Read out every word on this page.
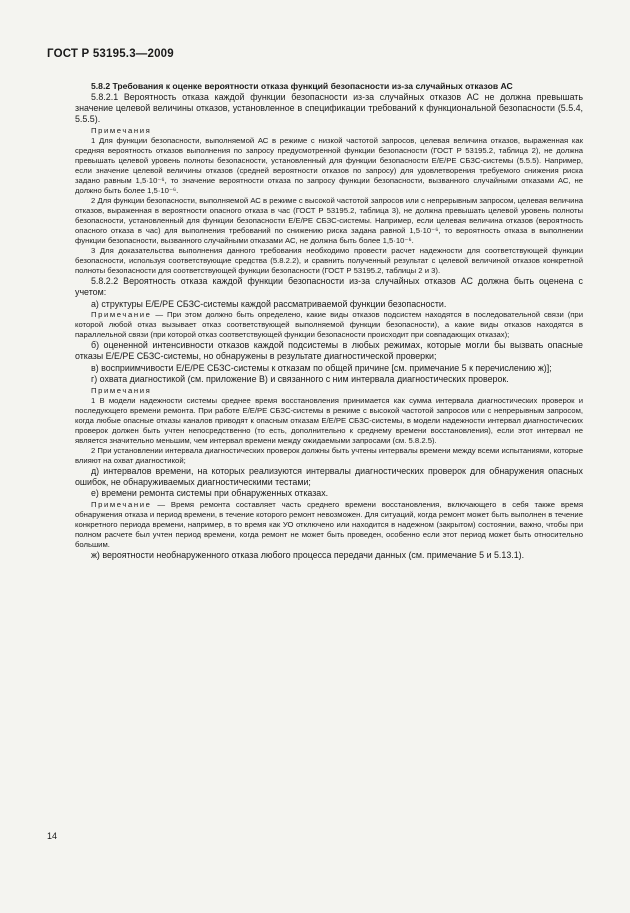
ГОСТ Р 53195.3—2009

5.8.2 Требования к оценке вероятности отказа функций безопасности из-за случайных отказов АС

5.8.2.1 Вероятность отказа каждой функции безопасности из-за случайных отказов АС не должна превышать значение целевой величины отказов, установленное в спецификации требований к функциональной безопасности (5.5.4, 5.5.5).

Примечания

1 Для функции безопасности, выполняемой АС в режиме с низкой частотой запросов, целевая величина отказов, выраженная как средняя вероятность отказов выполнения по запросу предусмотренной функции безопасности (ГОСТ Р 53195.2, таблица 2), не должна превышать целевой уровень полноты безопасности, установленный для функции безопасности Е/Е/РЕ СБЗС-системы (5.5.5). Например, если значение целевой величины отказов (средней вероятности отказов по запросу) для удовлетворения требуемого снижения риска задано равным 1,5·10⁻⁶, то значение вероятности отказа по запросу функции безопасности, вызванного случайными отказами АС, не должно быть более 1,5·10⁻⁶.

2 Для функции безопасности, выполняемой АС в режиме с высокой частотой запросов или с непрерывным запросом, целевая величина отказов, выраженная в вероятности опасного отказа в час (ГОСТ Р 53195.2, таблица 3), не должна превышать целевой уровень полноты безопасности, установленный для функции безопасности Е/Е/РЕ СБЗС-системы. Например, если целевая величина отказов (вероятность опасного отказа в час) для выполнения требований по снижению риска задана равной 1,5·10⁻⁶, то вероятность отказа в выполнении функции безопасности, вызванного случайными отказами АС, не должна быть более 1,5·10⁻⁶.

3 Для доказательства выполнения данного требования необходимо провести расчет надежности для соответствующей функции безопасности, используя соответствующие средства (5.8.2.2), и сравнить полученный результат с целевой величиной отказов конкретной полноты безопасности для соответствующей функции безопасности (ГОСТ Р 53195.2, таблицы 2 и 3).

5.8.2.2 Вероятность отказа каждой функции безопасности из-за случайных отказов АС должна быть оценена с учетом:

а) структуры Е/Е/РЕ СБЗС-системы каждой рассматриваемой функции безопасности.

Примечание — При этом должно быть определено, какие виды отказов подсистем находятся в последовательной связи (при которой любой отказ вызывает отказ соответствующей выполняемой функции безопасности), а какие виды отказов находятся в параллельной связи (при которой отказ соответствующей функции безопасности происходит при совпадающих отказах);

б) оцененной интенсивности отказов каждой подсистемы в любых режимах, которые могли бы вызвать опасные отказы Е/Е/РЕ СБЗС-системы, но обнаружены в результате диагностической проверки;

в) восприимчивости Е/Е/РЕ СБЗС-системы к отказам по общей причине [см. примечание 5 к перечислению ж)];

г) охвата диагностикой (см. приложение В) и связанного с ним интервала диагностических проверок.

Примечания

1 В модели надежности системы среднее время восстановления принимается как сумма интервала диагностических проверок и последующего времени ремонта. При работе Е/Е/РЕ СБЗС-системы в режиме с высокой частотой запросов или с непрерывным запросом, когда любые опасные отказы каналов приводят к опасным отказам Е/Е/РЕ СБЗС-системы, в модели надежности интервал диагностических проверок должен быть учтен непосредственно (то есть, дополнительно к среднему времени восстановления), если этот интервал не является значительно меньшим, чем интервал времени между ожидаемыми запросами (см. 5.8.2.5).

2 При установлении интервала диагностических проверок должны быть учтены интервалы времени между всеми испытаниями, которые влияют на охват диагностикой;

д) интервалов времени, на которых реализуются интервалы диагностических проверок для обнаружения опасных ошибок, не обнаруживаемых диагностическими тестами;

е) времени ремонта системы при обнаруженных отказах.

Примечание — Время ремонта составляет часть среднего времени восстановления, включающего в себя также время обнаружения отказа и период времени, в течение которого ремонт невозможен. Для ситуаций, когда ремонт может быть выполнен в течение конкретного периода времени, например, в то время как УО отключено или находится в надежном (закрытом) состоянии, важно, чтобы при полном расчете был учтен период времени, когда ремонт не может быть проведен, особенно если этот период может быть относительно большим.

ж) вероятности необнаруженного отказа любого процесса передачи данных (см. примечание 5 и 5.13.1).

14
